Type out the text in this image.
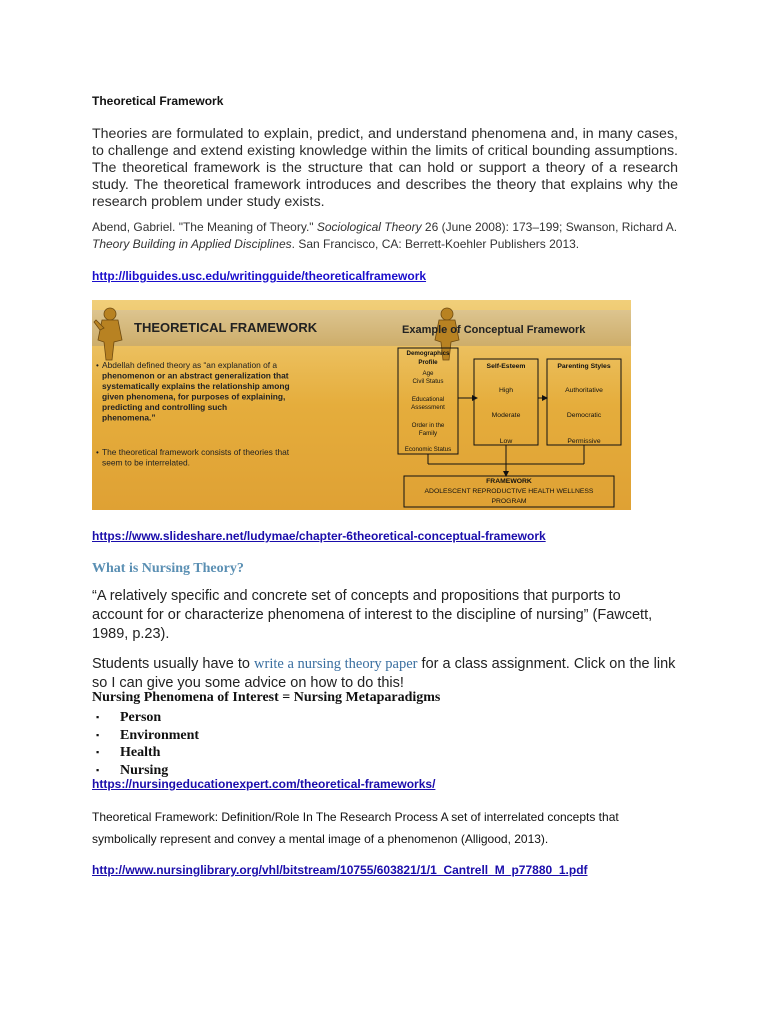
Theoretical Framework
Theories are formulated to explain, predict, and understand phenomena and, in many cases, to challenge and extend existing knowledge within the limits of critical bounding assumptions. The theoretical framework is the structure that can hold or support a theory of a research study. The theoretical framework introduces and describes the theory that explains why the research problem under study exists.
Abend, Gabriel. "The Meaning of Theory." Sociological Theory 26 (June 2008): 173–199; Swanson, Richard A. Theory Building in Applied Disciplines. San Francisco, CA: Berrett-Koehler Publishers 2013.
http://libguides.usc.edu/writingguide/theoreticalframework
THEORETICAL FRAMEWORK	Example of Conceptual Framework
• Abdellah defined theory as “an explanation of a
phenomenon or an abstract generalization that
systematically explains the relationship among
given phenomena, for purposes of explaining,
predicting and controlling such
phenomena.”
• The theoretical framework consists of theories that
seem to be interrelated.
Demographics
Profile
Age
Civil Status
Educational
Assessment
Order in the
Family
Economic Status
Self-Esteem
High
Moderate
Low
Parenting Styles
Authoritative
Democratic
Permissive
FRAMEWORK
ADOLESCENT REPRODUCTIVE HEALTH WELLNESS
PROGRAM
https://www.slideshare.net/ludymae/chapter-6theoretical-conceptual-framework
What is Nursing Theory?
“A relatively specific and concrete set of concepts and propositions that purports to account for or characterize phenomena of interest to the discipline of nursing” (Fawcett, 1989, p.23).
Students usually have to write a nursing theory paper for a class assignment. Click on the link so I can give you some advice on how to do this!
Nursing Phenomena of Interest = Nursing Metaparadigms
▪ Person
▪ Environment
▪ Health
▪ Nursing
https://nursingeducationexpert.com/theoretical-frameworks/
Theoretical Framework: Definition/Role In The Research Process A set of interrelated concepts that symbolically represent and convey a mental image of a phenomenon (Alligood, 2013).
http://www.nursinglibrary.org/vhl/bitstream/10755/603821/1/1_Cantrell_M_p77880_1.pdf
